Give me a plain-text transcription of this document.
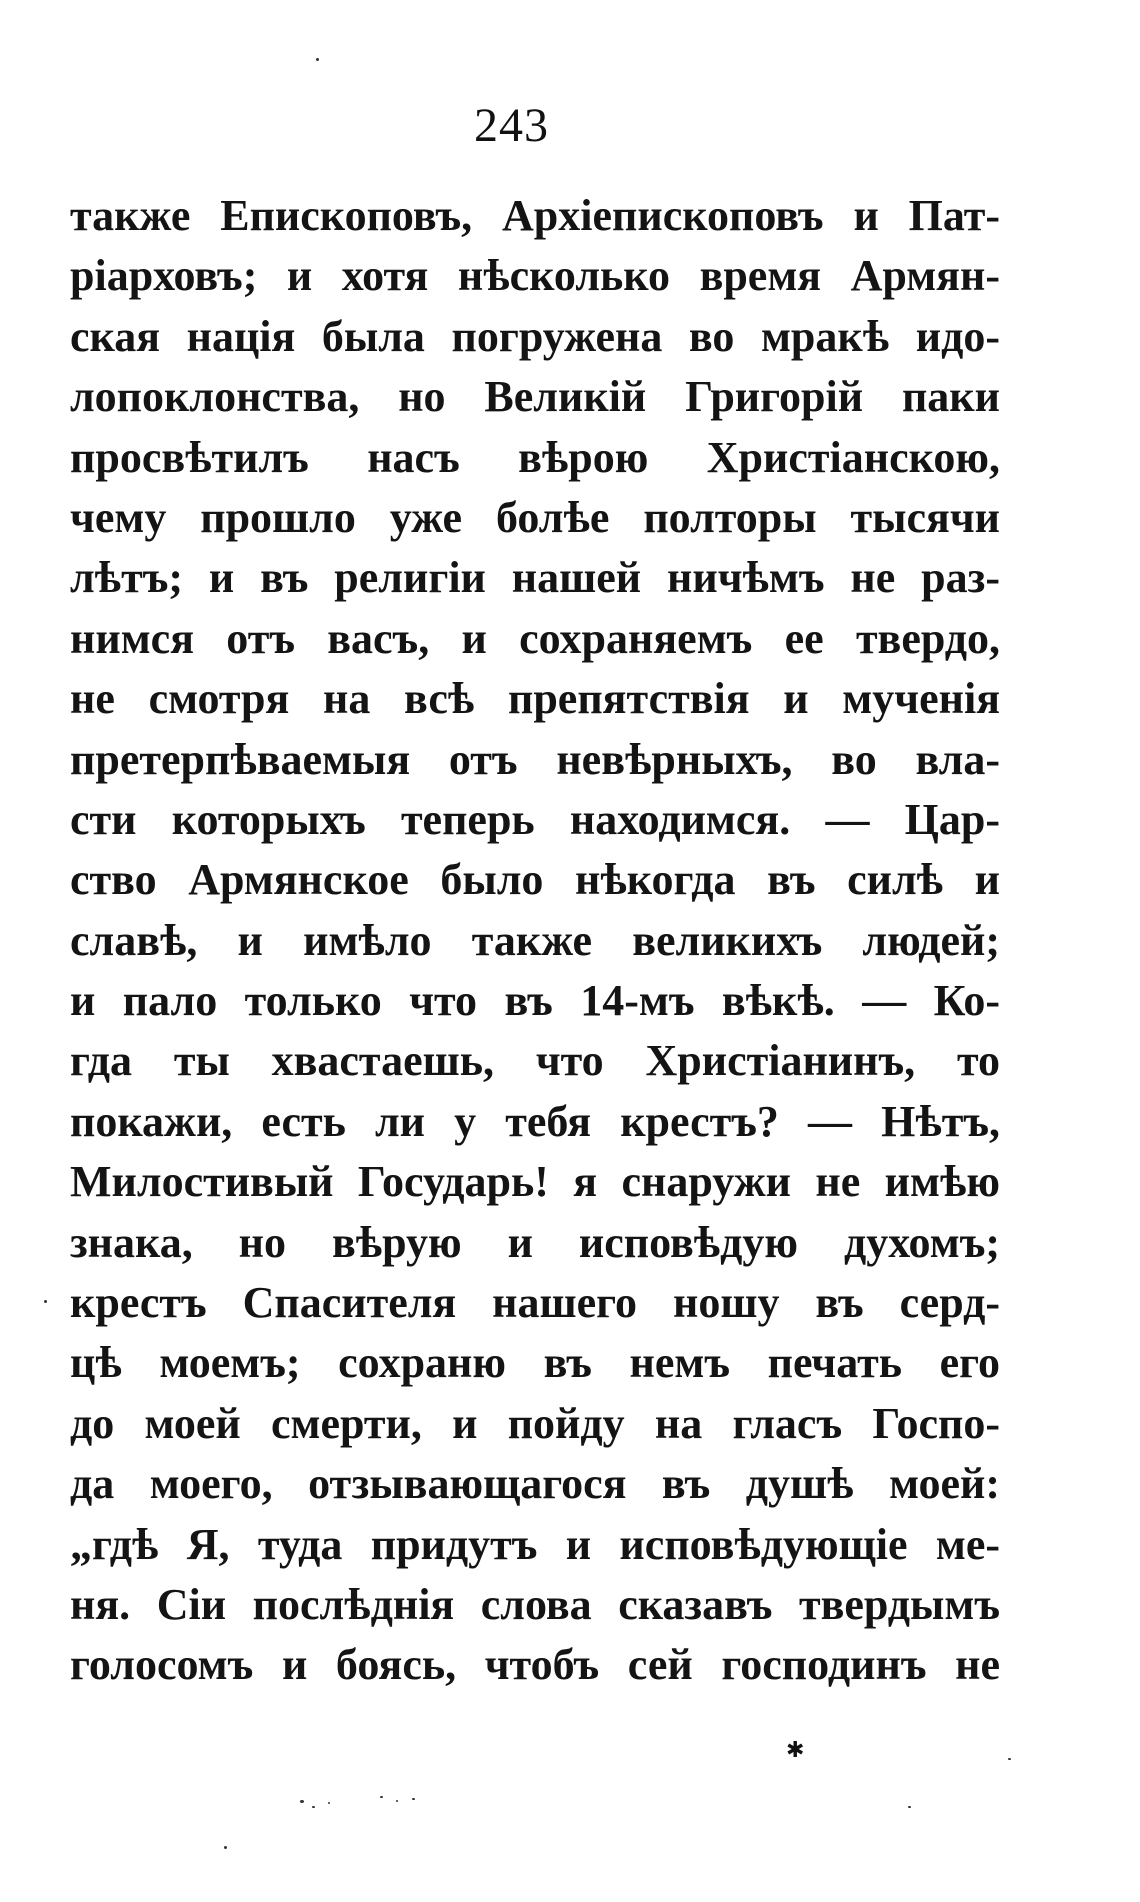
243
также Епископовъ, Архіепископовъ и Пат-
ріарховъ; и хотя нѣсколько время Армян-
ская нація была погружена во мракѣ идо-
лопоклонства, но Великій Григорій паки
просвѣтилъ насъ вѣрою Христіанскою,
чему прошло уже болѣе полторы тысячи
лѣтъ; и въ религіи нашей ничѣмъ не раз-
нимся отъ васъ, и сохраняемъ ее твердо,
не смотря на всѣ препятствія и мученія
претерпѣваемыя отъ невѣрныхъ, во вла-
сти которыхъ теперь находимся. — Цар-
ство Армянское было нѣкогда въ силѣ и
славѣ, и имѣло также великихъ людей;
и пало только что въ 14-мъ вѣкѣ. — Ко-
гда ты хвастаешь, что Христіанинъ, то
покажи, есть ли у тебя крестъ? — Нѣтъ,
Милостивый Государь! я снаружи не имѣю
знака, но вѣрую и исповѣдую духомъ;
крестъ Спасителя нашего ношу въ серд-
цѣ моемъ; сохраню въ немъ печать его
до моей смерти, и пойду на гласъ Госпо-
да моего, отзывающагося въ душѣ моей:
„гдѣ Я, туда придутъ и исповѣдующіе ме-
ня. Сіи послѣднія слова сказавъ твердымъ
голосомъ и боясь, чтобъ сей господинъ не
✱
